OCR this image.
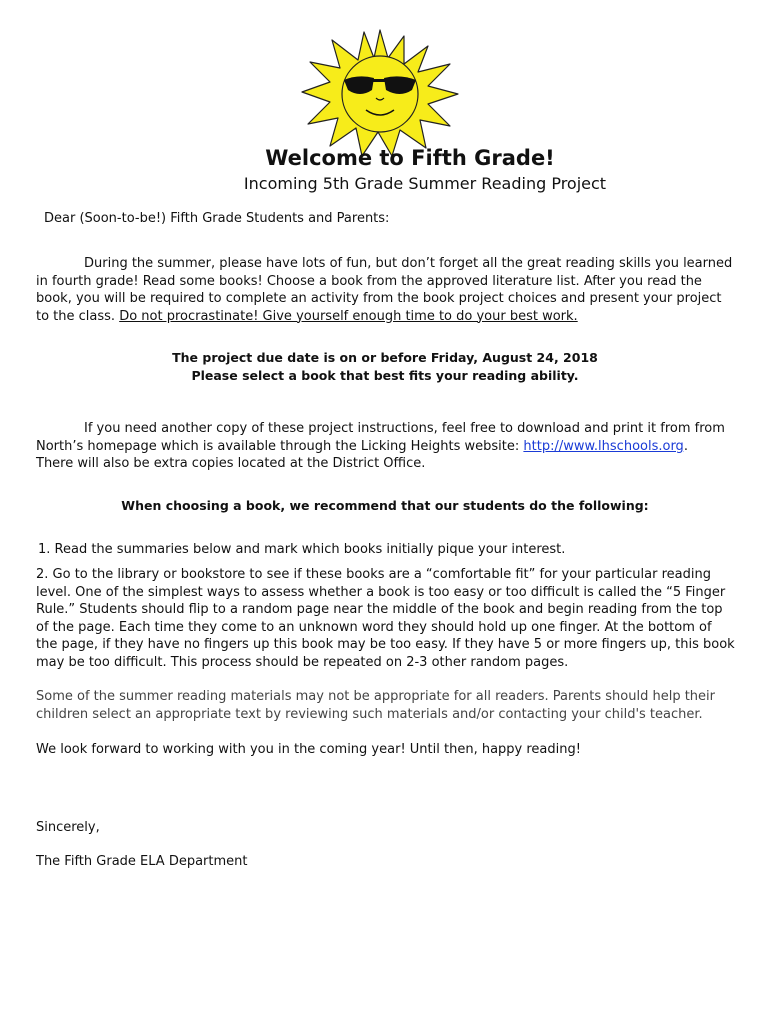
Welcome to Fifth Grade!
Incoming 5th Grade Summer Reading Project
Dear (Soon-to-be!) Fifth Grade Students and Parents:
During the summer, please have lots of fun, but don’t forget all the great reading skills you learned in fourth grade! Read some books! Choose a book from the approved literature list. After you read the book, you will be required to complete an activity from the book project choices and present your project to the class. Do not procrastinate! Give yourself enough time to do your best work.
The project due date is on or before Friday, August 24, 2018
Please select a book that best fits your reading ability.
If you need another copy of these project instructions, feel free to download and print it from from North’s homepage which is available through the Licking Heights website: http://www.lhschools.org.
There will also be extra copies located at the District Office.
When choosing a book, we recommend that our students do the following:
1. Read the summaries below and mark which books initially pique your interest.
2. Go to the library or bookstore to see if these books are a “comfortable fit” for your particular reading level. One of the simplest ways to assess whether a book is too easy or too difficult is called the “5 Finger Rule.” Students should flip to a random page near the middle of the book and begin reading from the top of the page. Each time they come to an unknown word they should hold up one finger. At the bottom of the page, if they have no fingers up this book may be too easy. If they have 5 or more fingers up, this book may be too difficult. This process should be repeated on 2-3 other random pages.
Some of the summer reading materials may not be appropriate for all readers. Parents should help their children select an appropriate text by reviewing such materials and/or contacting your child's teacher.
We look forward to working with you in the coming year! Until then, happy reading!
Sincerely,
The Fifth Grade ELA Department
